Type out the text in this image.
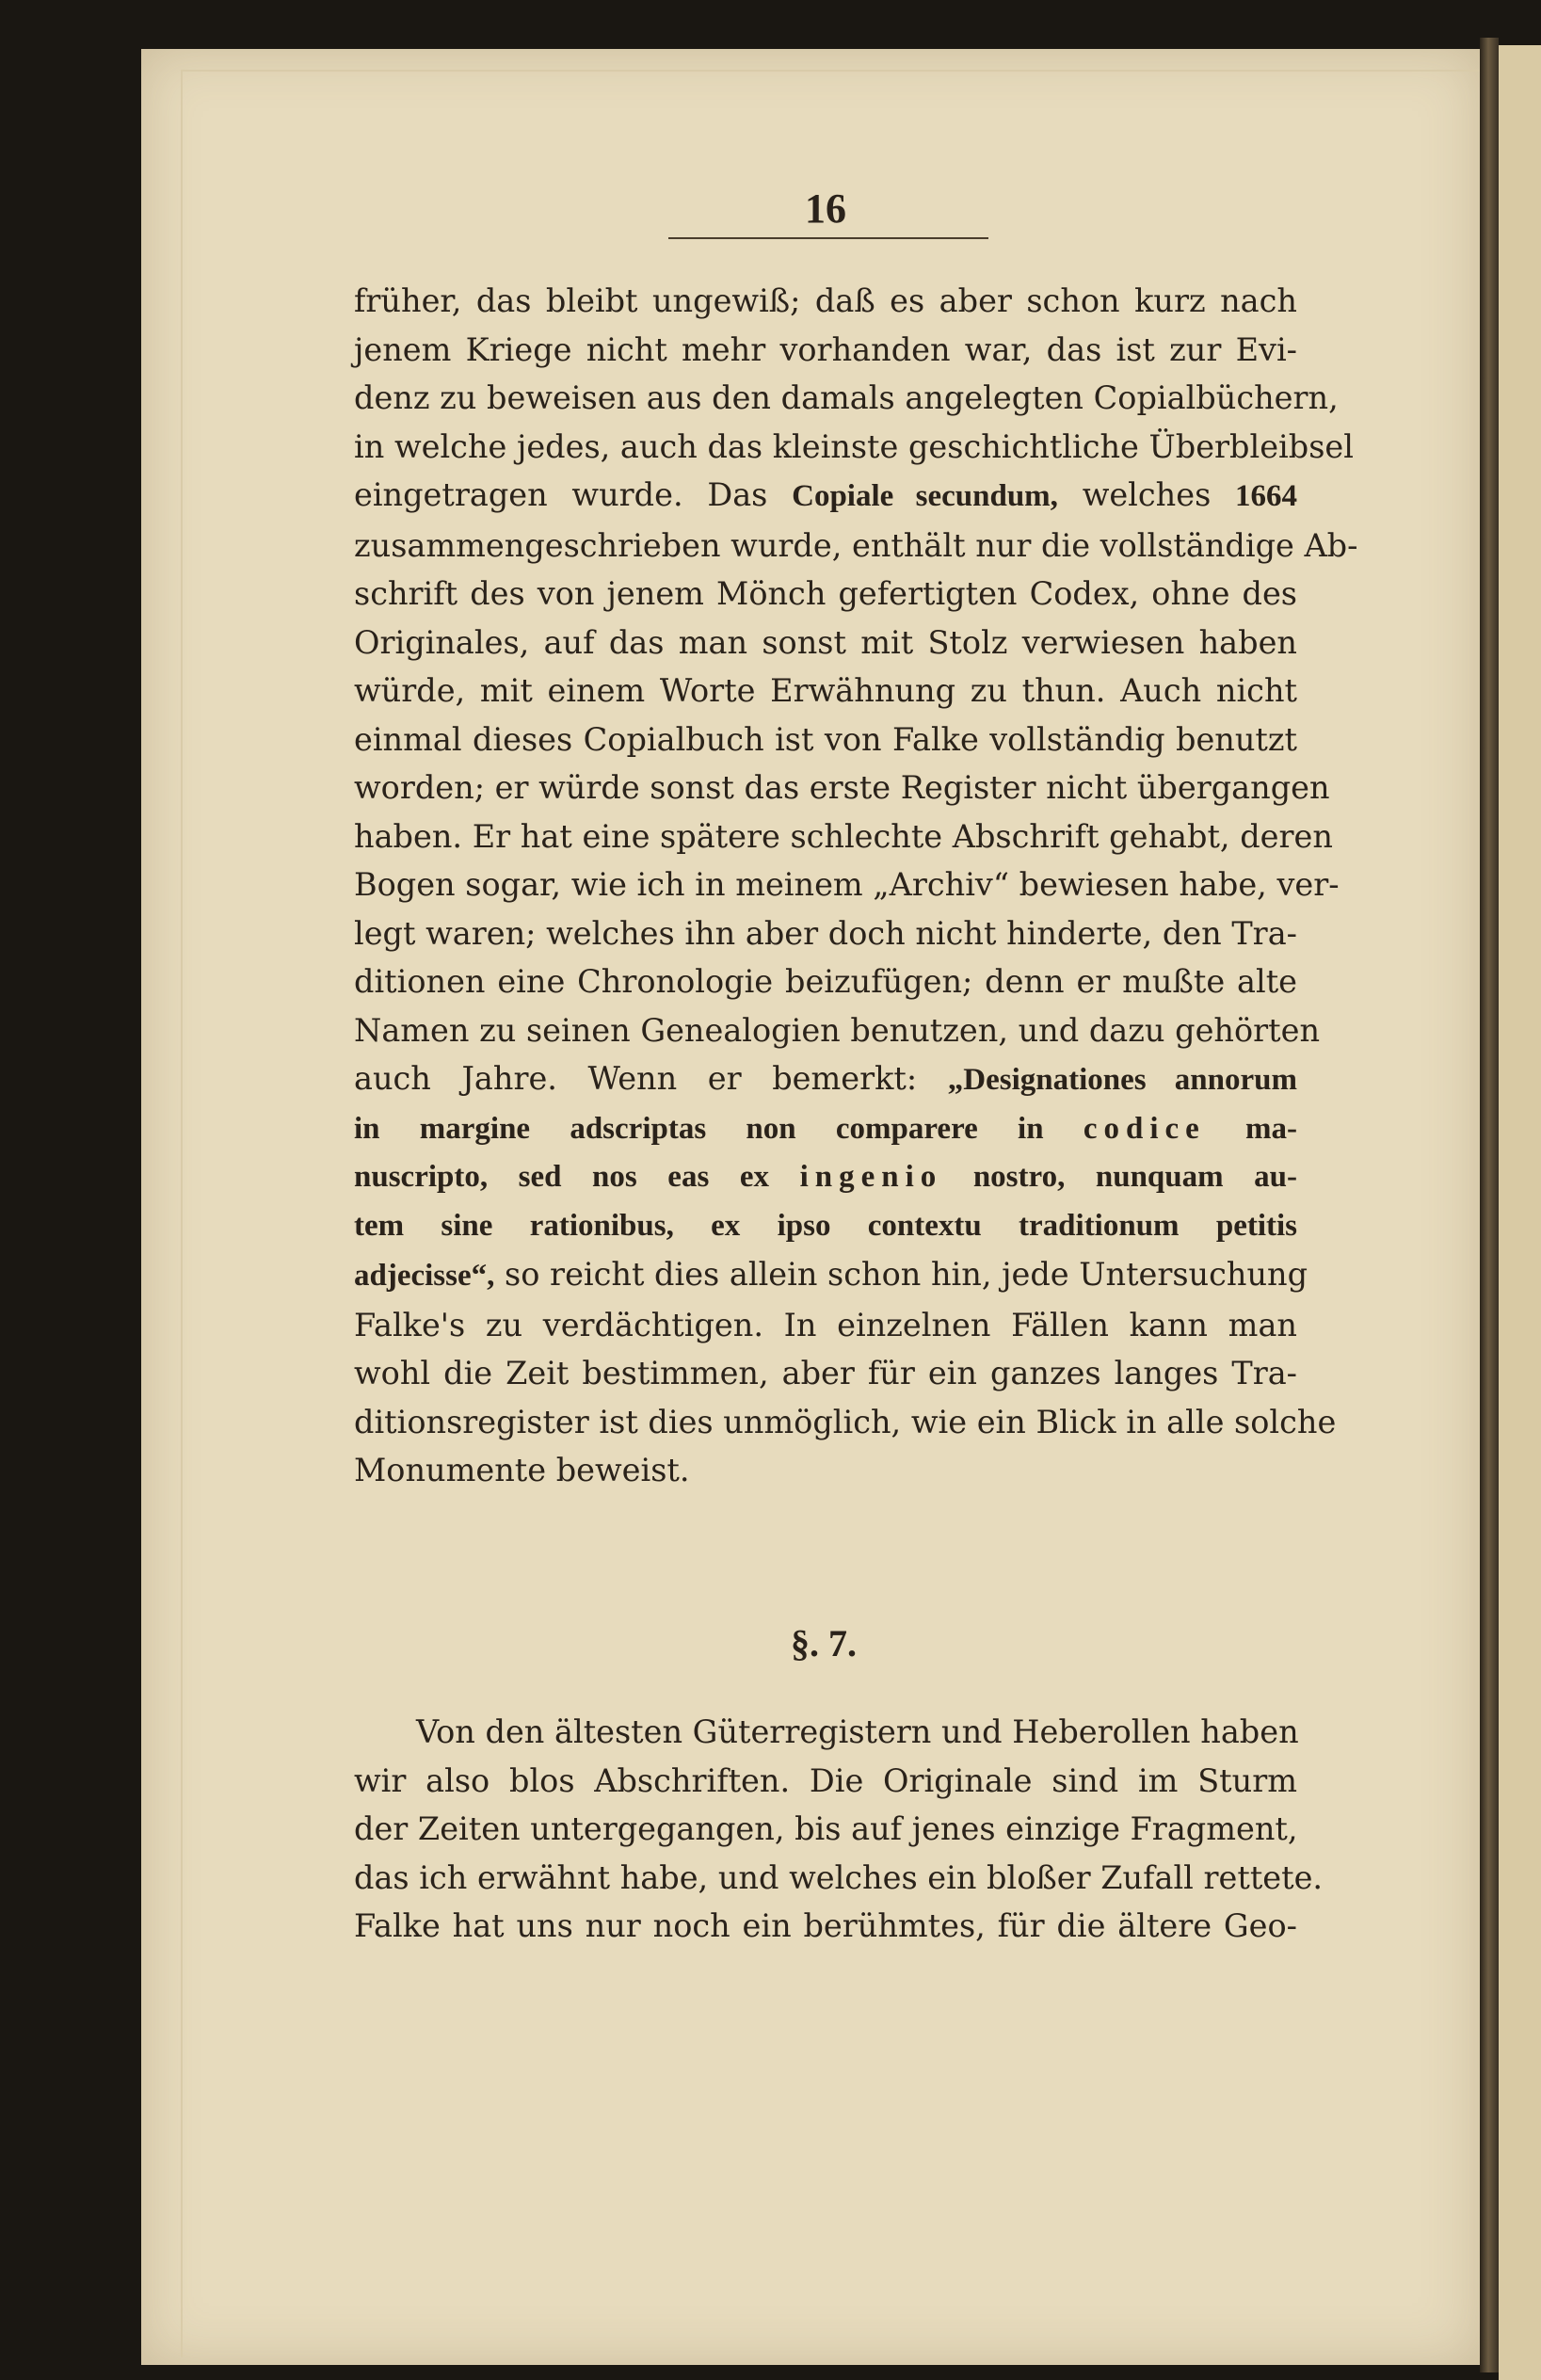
16
früher, das bleibt ungewiß; daß es aber schon kurz nach
jenem Kriege nicht mehr vorhanden war, das ist zur Evi-
denz zu beweisen aus den damals angelegten Copialbüchern,
in welche jedes, auch das kleinste geschichtliche Überbleibsel
eingetragen wurde. Das Copiale secundum, welches 1664
zusammengeschrieben wurde, enthält nur die vollständige Ab-
schrift des von jenem Mönch gefertigten Codex, ohne des
Originales, auf das man sonst mit Stolz verwiesen haben
würde, mit einem Worte Erwähnung zu thun. Auch nicht
einmal dieses Copialbuch ist von Falke vollständig benutzt
worden; er würde sonst das erste Register nicht übergangen
haben. Er hat eine spätere schlechte Abschrift gehabt, deren
Bogen sogar, wie ich in meinem „Archiv“ bewiesen habe, ver-
legt waren; welches ihn aber doch nicht hinderte, den Tra-
ditionen eine Chronologie beizufügen; denn er mußte alte
Namen zu seinen Genealogien benutzen, und dazu gehörten
auch Jahre. Wenn er bemerkt: „Designationes annorum
in margine adscriptas non comparere in codice ma-
nuscripto, sed nos eas ex ingenio nostro, nunquam au-
tem sine rationibus, ex ipso contextu traditionum petitis
adjecisse“, so reicht dies allein schon hin, jede Untersuchung
Falke's zu verdächtigen. In einzelnen Fällen kann man
wohl die Zeit bestimmen, aber für ein ganzes langes Tra-
ditionsregister ist dies unmöglich, wie ein Blick in alle solche
Monumente beweist.
§. 7.
Von den ältesten Güterregistern und Heberollen haben
wir also blos Abschriften. Die Originale sind im Sturm
der Zeiten untergegangen, bis auf jenes einzige Fragment,
das ich erwähnt habe, und welches ein bloßer Zufall rettete.
Falke hat uns nur noch ein berühmtes, für die ältere Geo-
